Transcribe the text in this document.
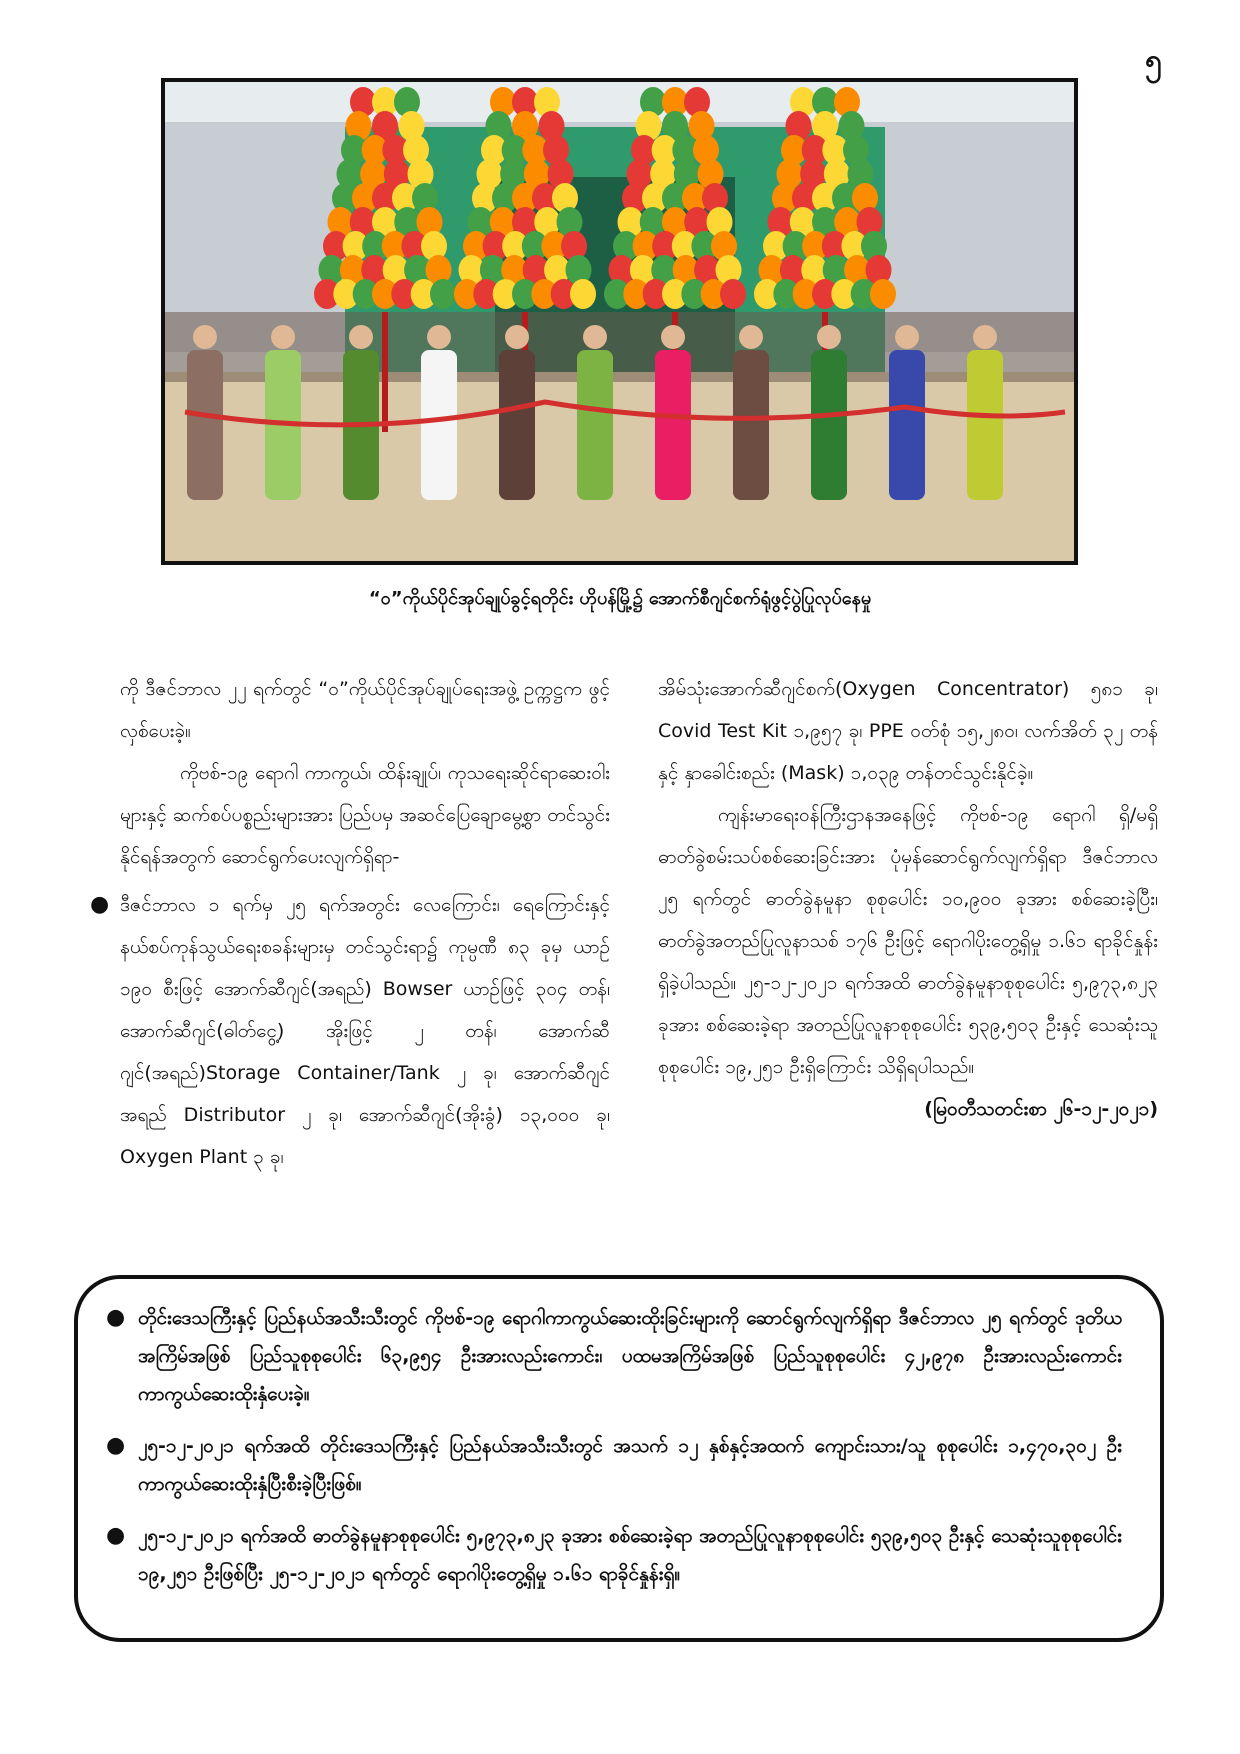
၅
“ဝ”ကိုယ်ပိုင်အုပ်ချုပ်ခွင့်ရတိုင်း ဟိုပန်မြို့၌ အောက်စီဂျင်စက်ရုံဖွင့်ပွဲပြုလုပ်နေမှု

ကို ဒီဇင်ဘာလ ၂၂ ရက်တွင် “ဝ”ကိုယ်ပိုင်အုပ်ချုပ်ရေးအဖွဲ့ ဥက္ကဋ္ဌက ဖွင့်လှစ်ပေးခဲ့။

ကိုဗစ်-၁၉ ရောဂါ ကာကွယ်၊ ထိန်းချုပ်၊ ကုသရေးဆိုင်ရာဆေးဝါးများနှင့် ဆက်စပ်ပစ္စည်းများအား ပြည်ပမှ အဆင်ပြေချောမွေ့စွာ တင်သွင်းနိုင်ရန်အတွက် ဆောင်ရွက်ပေးလျက်ရှိရာ-

● ဒီဇင်ဘာလ ၁ ရက်မှ ၂၅ ရက်အတွင်း လေကြောင်း၊ ရေကြောင်းနှင့် နယ်စပ်ကုန်သွယ်ရေးစခန်းများမှ တင်သွင်းရာ၌ ကုမ္ပဏီ ၈၃ ခုမှ ယာဉ် ၁၉၀ စီးဖြင့် အောက်ဆီဂျင်(အရည်) Bowser ယာဉ်ဖြင့် ၃၀၄ တန်၊ အောက်ဆီဂျင်(ဓါတ်ငွေ့) အိုးဖြင့် ၂ တန်၊ အောက်ဆီဂျင်(အရည်)Storage Container/Tank ၂ ခု၊ အောက်ဆီဂျင်အရည် Distributor ၂ ခု၊ အောက်ဆီဂျင်(အိုးခွံ) ၁၃,၀၀၀ ခု၊ Oxygen Plant ၃ ခု၊

အိမ်သုံးအောက်ဆီဂျင်စက်(Oxygen Concentrator) ၅၈၁ ခု၊ Covid Test Kit ၁,၉၅၇ ခု၊ PPE ဝတ်စုံ ၁၅,၂၈၀၊ လက်အိတ် ၃၂ တန်နှင့် နှာခေါင်းစည်း (Mask) ၁,၀၃၉ တန်တင်သွင်းနိုင်ခဲ့။

ကျန်းမာရေးဝန်ကြီးဌာနအနေဖြင့် ကိုဗစ်-၁၉ ရောဂါ ရှိ/မရှိ ဓာတ်ခွဲစမ်းသပ်စစ်ဆေးခြင်းအား ပုံမှန်ဆောင်ရွက်လျက်ရှိရာ ဒီဇင်ဘာလ ၂၅ ရက်တွင် ဓာတ်ခွဲနမူနာ စုစုပေါင်း ၁၀,၉၀၀ ခုအား စစ်ဆေးခဲ့ပြီး၊ ဓာတ်ခွဲအတည်ပြုလူနာသစ် ၁၇၆ ဦးဖြင့် ရောဂါပိုးတွေ့ရှိမှု ၁.၆၁ ရာခိုင်နှုန်းရှိခဲ့ပါသည်။ ၂၅-၁၂-၂၀၂၁ ရက်အထိ ဓာတ်ခွဲနမူနာစုစုပေါင်း ၅,၉၇၃,၈၂၃ ခုအား စစ်ဆေးခဲ့ရာ အတည်ပြုလူနာစုစုပေါင်း ၅၃၉,၅၀၃ ဦးနှင့် သေဆုံးသူ စုစုပေါင်း ၁၉,၂၅၁ ဦးရှိကြောင်း သိရှိရပါသည်။

(မြဝတီသတင်းစာ ၂၆-၁၂-၂၀၂၁)

● တိုင်းဒေသကြီးနှင့် ပြည်နယ်အသီးသီးတွင် ကိုဗစ်-၁၉ ရောဂါကာကွယ်ဆေးထိုးခြင်းများကို ဆောင်ရွက်လျက်ရှိရာ ဒီဇင်ဘာလ ၂၅ ရက်တွင် ဒုတိယအကြိမ်အဖြစ် ပြည်သူစုစုပေါင်း ၆၃,၉၅၄ ဦးအားလည်းကောင်း၊ ပထမအကြိမ်အဖြစ် ပြည်သူစုစုပေါင်း ၄၂,၉၇၈ ဦးအားလည်းကောင်း ကာကွယ်ဆေးထိုးနှံပေးခဲ့။
● ၂၅-၁၂-၂၀၂၁ ရက်အထိ တိုင်းဒေသကြီးနှင့် ပြည်နယ်အသီးသီးတွင် အသက် ၁၂ နှစ်နှင့်အထက် ကျောင်းသား/သူ စုစုပေါင်း ၁,၄၇၀,၃၀၂ ဦး ကာကွယ်ဆေးထိုးနှံပြီးစီးခဲ့ပြီးဖြစ်။
● ၂၅-၁၂-၂၀၂၁ ရက်အထိ ဓာတ်ခွဲနမူနာစုစုပေါင်း ၅,၉၇၃,၈၂၃ ခုအား စစ်ဆေးခဲ့ရာ အတည်ပြုလူနာစုစုပေါင်း ၅၃၉,၅၀၃ ဦးနှင့် သေဆုံးသူစုစုပေါင်း ၁၉,၂၅၁ ဦးဖြစ်ပြီး ၂၅-၁၂-၂၀၂၁ ရက်တွင် ရောဂါပိုးတွေ့ရှိမှု ၁.၆၁ ရာခိုင်နှုန်းရှိ။
